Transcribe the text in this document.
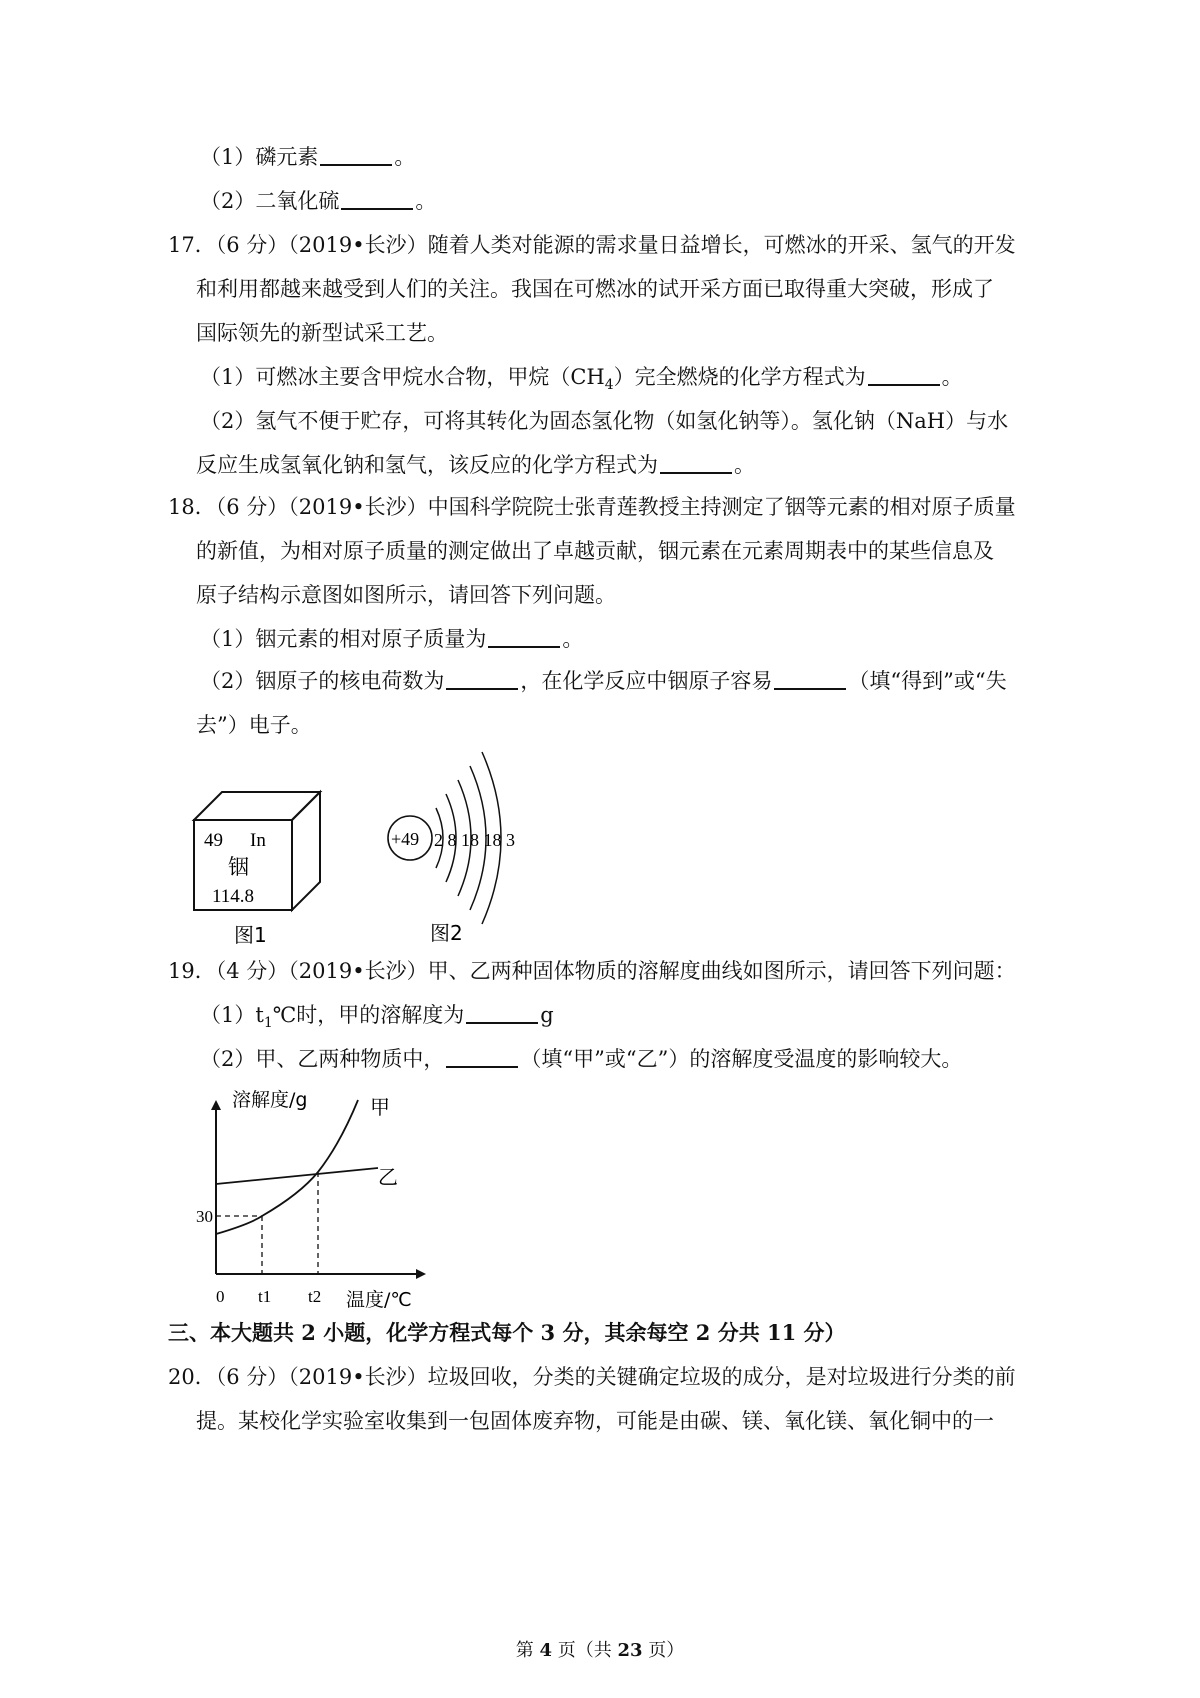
（1）磷元素	。
（2）二氧化硫	。
17．（6 分）（2019•长沙）随着人类对能源的需求量日益增长，可燃冰的开采、氢气的开发
和利用都越来越受到人们的关注。我国在可燃冰的试开采方面已取得重大突破，形成了
国际领先的新型试采工艺。
（1）可燃冰主要含甲烷水合物，甲烷$(CH_4)$完全燃烧的化学方程式为	。
（2）氢气不便于贮存，可将其转化为固态氢化物（如氢化钠等）。氢化钠（NaH）与水
反应生成氢氧化钠和氢气，该反应的化学方程式为	。
18．（6 分）（2019•长沙）中国科学院院士张青莲教授主持测定了铟等元素的相对原子质量
的新值，为相对原子质量的测定做出了卓越贡献，铟元素在元素周期表中的某些信息及
原子结构示意图如图所示，请回答下列问题。
（1）铟元素的相对原子质量为	。
（2）铟原子的核电荷数为	，在化学反应中铟原子容易	（填“得到”或“失
去”）电子。
49 In
铟
114.8
图1
+49 2 8 18 18 3
图2
19．（4 分）（2019•长沙）甲、乙两种固体物质的溶解度曲线如图所示，请回答下列问题：
$(1)t_1℃$时，甲的溶解度为	g
（2）甲、乙两种物质中，	（填“甲”或“乙”）的溶解度受温度的影响较大。
溶解度/g
温度/℃
0 t1 t2
30
甲
乙
三、本大题共 2 小题，化学方程式每个 3 分，其余每空 2 分共 11 分）
20．（6 分）（2019•长沙）垃圾回收，分类的关键确定垃圾的成分，是对垃圾进行分类的前
提。某校化学实验室收集到一包固体废弃物，可能是由碳、镁、氧化镁、氧化铜中的一
第 4 页（共 23 页）
